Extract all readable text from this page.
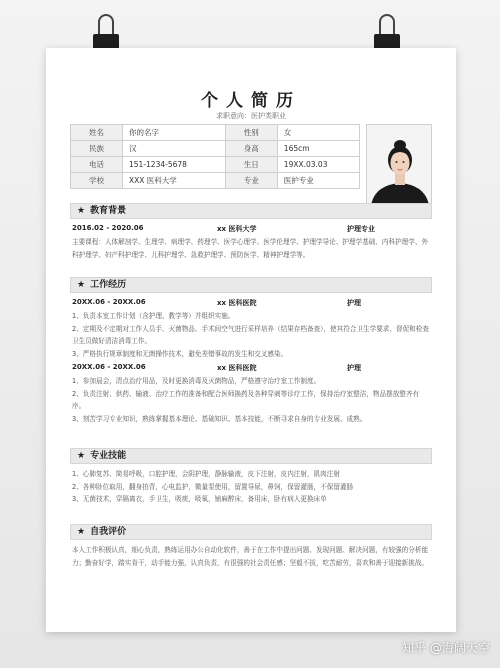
个人简历
求职意向：医护类职业
姓名	你的名字	性别	女
民族	汉	身高	165cm
电话	151-1234-5678	生日	19XX.03.03
学校	XXX 医科大学	专业	医护专业
★ 教育背景
2016.02 - 2020.06	xx 医科大学	护理专业
主要课程：人体解剖学、生理学、病理学、药理学、医学心理学、医学伦理学、护理学导论、护理学基础、内科护理学、外科护理学、妇产科护理学、儿科护理学、急救护理学、预防医学、精神护理学等。
★ 工作经历
20XX.06 - 20XX.06	xx 医科医院	护理
1、负责本室工作计划（含护理、教学等）并组织实施。
2、定期及不定期对工作人员手、灭菌物品、手术间空气进行采样培养（结果存档备查），使其符合卫生学要求、督促和检查卫生员做好清洁消毒工作。
3、严格执行规章制度和无菌操作技术，避免差错事故的发生和交叉感染。
20XX.06 - 20XX.06	xx 医科医院	护理
1、参加晨会，清点治疗用品，及时更换消毒及灭菌物品，严格遵守治疗室工作制度。
2、负责注射、供药、输液、治疗工作的准备和配合医师换药及各种穿刺等诊疗工作，保持治疗室整洁，物品摆放整齐有序。
3、刻苦学习专业知识，熟练掌握基本理论、基础知识、基本技能，不断寻求自身的专业发展、成熟。
★ 专业技能
1、心肺复苏、简易呼吸，口腔护理，会阴护理，静脉输液，皮下注射，皮内注射，肌肉注射
2、各种卧位取用，翻身拍背，心电监护，微量泵使用，留置导尿，鼻饲，保留灌肠，不保留灌肠
3、无菌技术，穿隔离衣，手卫生，吸痰，吸氧，铺麻醉床，备用床，卧有病人更换床单
★ 自我评价
本人工作积极认真，细心负责，熟练运用办公自动化软件，善于在工作中提出问题、发现问题、解决问题，有较强的分析能力；勤奋好学，踏实肯干，动手能力强，认真负责，有很强的社会责任感；坚毅不拔，吃苦耐劳，喜欢和善于迎接新挑战。
知乎 @海阔天空
